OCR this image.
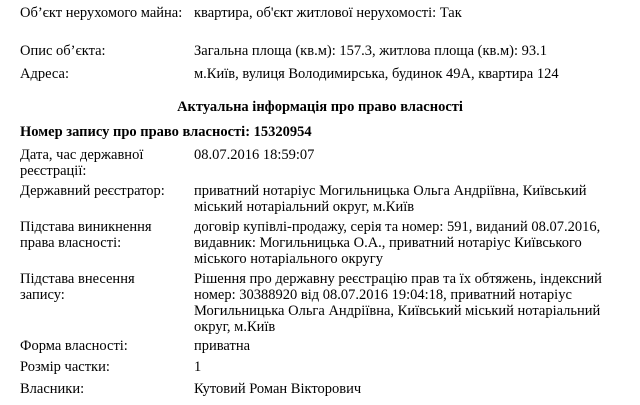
Об’єкт нерухомого майна: квартира, об'єкт житлової нерухомості: Так
Опис об’єкта:	Загальна площа (кв.м): 157.3, житлова площа (кв.м): 93.1
Адреса:	м.Київ, вулиця Володимирська, будинок 49А, квартира 124
Актуальна інформація про право власності
Номер запису про право власності: 15320954
Дата, час державної реєстрації:
08.07.2016 18:59:07
Державний реєстратор:	приватний нотаріус Могильницька Ольга Андріївна, Київський міський нотаріальний округ, м.Київ
Підстава виникнення права власності:
договір купівлі-продажу, серія та номер: 591, виданий 08.07.2016, видавник: Могильницька О.А., приватний нотаріус Київського міського нотаріального округу
Підстава внесення запису:
Рішення про державну реєстрацію прав та їх обтяжень, індексний номер: 30388920 від 08.07.2016 19:04:18, приватний нотаріус Могильницька Ольга Андріївна, Київський міський нотаріальний округ, м.Київ
Форма власності:	приватна
Розмір частки:	1
Власники:	Кутовий Роман Вікторович
